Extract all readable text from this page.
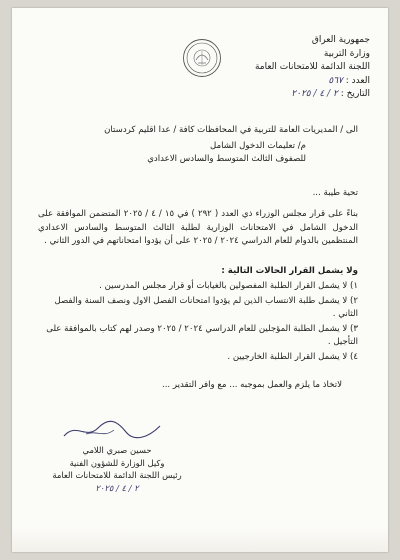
جمهورية العراق
وزارة التربية
اللجنة الدائمة للامتحانات العامة
العدد : ٥٦٧
التاريخ : ٢ / ٤ / ٢٠٢٥
الى / المديريات العامة للتربية في المحافظات كافة / عدا اقليم كردستان
م/ تعليمات الدخول الشامل
للصفوف الثالث المتوسط والسادس الاعدادي
تحية طيبة ...
بناءً على قرار مجلس الوزراء ذي العدد ( ٢٩٢ ) في ١٥ / ٤ / ٢٠٢٥ المتضمن الموافقة على الدخول الشامل في الامتحانات الوزارية لطلبة الثالث المتوسط والسادس الاعدادي المنتظمين بالدوام للعام الدراسي ٢٠٢٤ / ٢٠٢٥ على أن يؤدوا امتحاناتهم في الدور الثاني .
ولا يشمل القرار الحالات التالية :
١) لا يشمل القرار الطلبة المفصولين بالغيابات أو قرار مجلس المدرسين .
٢) لا يشمل طلبة الانتساب الذين لم يؤدوا امتحانات الفصل الاول ونصف السنة والفصل الثاني .
٣) لا يشمل الطلبة المؤجلين للعام الدراسي ٢٠٢٤ / ٢٠٢٥ وصدر لهم كتاب بالموافقة على التأجيل .
٤) لا يشمل القرار الطلبة الخارجيين .
لاتخاذ ما يلزم والعمل بموجبه ... مع وافر التقدير ...
حسين صبري اللامي
وكيل الوزارة للشؤون الفنية
رئيس اللجنة الدائمة للامتحانات العامة
٢ / ٤ / ٢٠٢٥
